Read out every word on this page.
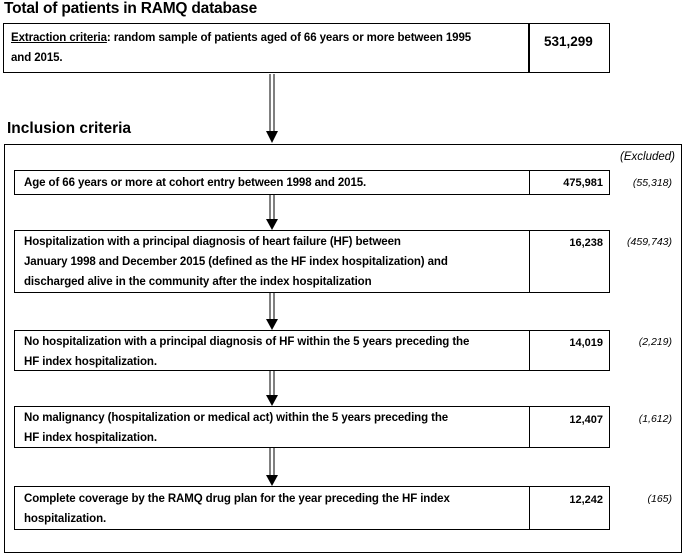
Total of patients in RAMQ database
Extraction criteria: random sample of patients aged of 66 years or more between 1995
and 2015.
531,299
Inclusion criteria
(Excluded)
Age of 66 years or more at cohort entry between 1998 and 2015.	475,981	(55,318)
Hospitalization with a principal diagnosis of heart failure (HF) between
January 1998 and December 2015 (defined as the HF index hospitalization) and
discharged alive in the community after the index hospitalization
16,238	(459,743)
No hospitalization with a principal diagnosis of HF within the 5 years preceding the
HF index hospitalization.
14,019	(2,219)
No malignancy (hospitalization or medical act) within the 5 years preceding the
HF index hospitalization.
12,407	(1,612)
Complete coverage by the RAMQ drug plan for the year preceding the HF index
hospitalization.
12,242	(165)
